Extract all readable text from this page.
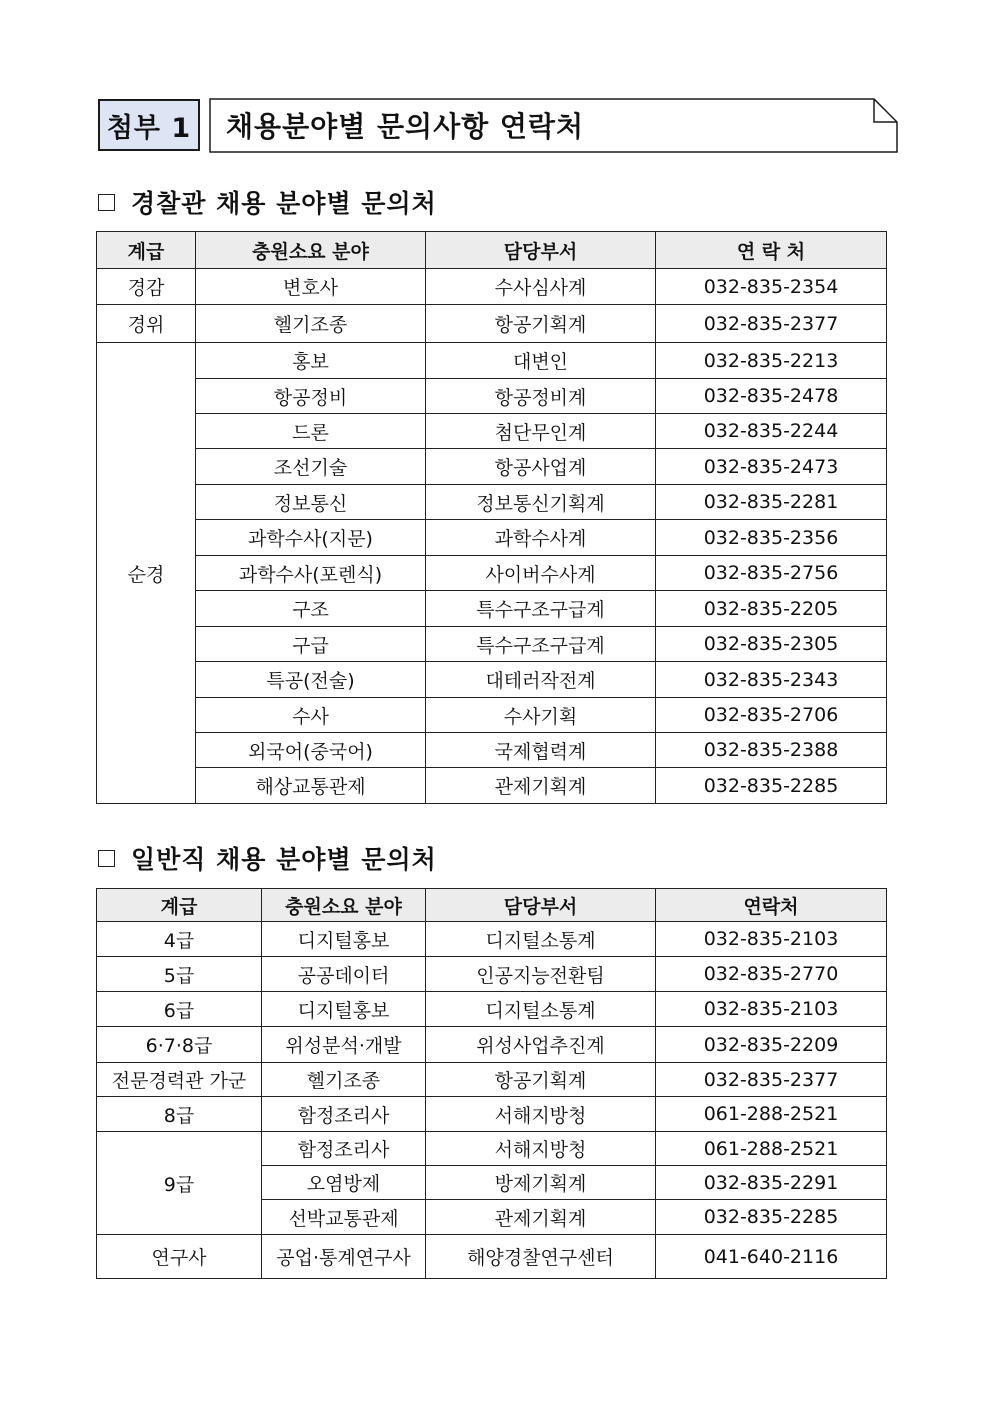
첨부 1	채용분야별 문의사항 연락처
경찰관 채용 분야별 문의처
계급	충원소요 분야	담당부서	연 락 처
경감	변호사	수사심사계	032-835-2354
경위	헬기조종	항공기획계	032-835-2377
순경	홍보	대변인	032-835-2213
	항공정비	항공정비계	032-835-2478
	드론	첨단무인계	032-835-2244
	조선기술	항공사업계	032-835-2473
	정보통신	정보통신기획계	032-835-2281
	과학수사(지문)	과학수사계	032-835-2356
	과학수사(포렌식)	사이버수사계	032-835-2756
	구조	특수구조구급계	032-835-2205
	구급	특수구조구급계	032-835-2305
	특공(전술)	대테러작전계	032-835-2343
	수사	수사기획	032-835-2706
	외국어(중국어)	국제협력계	032-835-2388
	해상교통관제	관제기획계	032-835-2285
일반직 채용 분야별 문의처
계급	충원소요 분야	담당부서	연락처
4급	디지털홍보	디지털소통계	032-835-2103
5급	공공데이터	인공지능전환팀	032-835-2770
6급	디지털홍보	디지털소통계	032-835-2103
6·7·8급	위성분석·개발	위성사업추진계	032-835-2209
전문경력관 가군	헬기조종	항공기획계	032-835-2377
8급	함정조리사	서해지방청	061-288-2521
9급	함정조리사	서해지방청	061-288-2521
	오염방제	방제기획계	032-835-2291
	선박교통관제	관제기획계	032-835-2285
연구사	공업·통계연구사	해양경찰연구센터	041-640-2116
